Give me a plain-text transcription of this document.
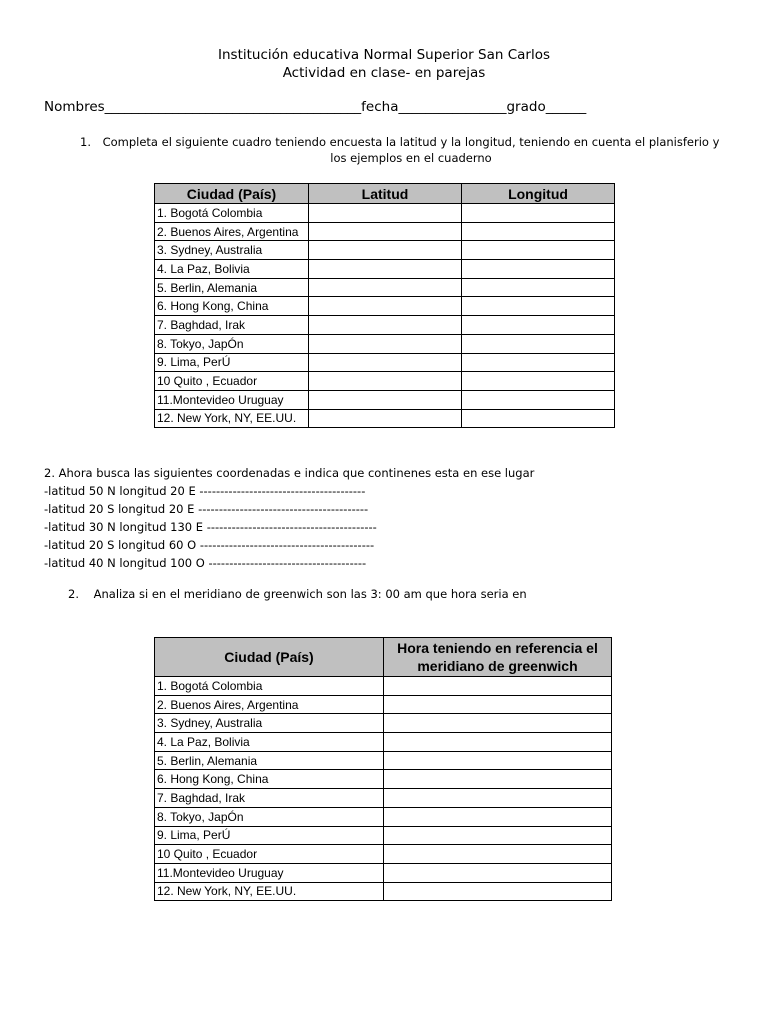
Institución educativa Normal Superior San Carlos
Actividad en clase- en parejas
Nombres______________________________________fecha________________grado______
1. Completa el siguiente cuadro teniendo encuesta la latitud y la longitud, teniendo en cuenta el planisferio y los ejemplos en el cuaderno
Ciudad (País)	Latitud	Longitud
1. Bogotá Colombia		
2. Buenos Aires, Argentina		
3. Sydney, Australia		
4. La Paz, Bolivia		
5. Berlin, Alemania		
6. Hong Kong, China		
7. Baghdad, Irak		
8. Tokyo, JapÓn		
9. Lima, PerÚ		
10 Quito , Ecuador		
11.Montevideo Uruguay		
12. New York, NY, EE.UU.		
2. Ahora busca las siguientes coordenadas e indica que continenes esta en ese lugar
-latitud 50 N longitud 20 E ----------------------------------------
-latitud 20 S longitud 20 E -----------------------------------------
-latitud 30 N longitud 130 E -----------------------------------------
-latitud 20 S longitud 60 O ------------------------------------------
-latitud 40 N longitud 100 O --------------------------------------
2. Analiza si en el meridiano de greenwich son las 3: 00 am que hora seria en
Ciudad (País)	Hora teniendo en referencia el meridiano de greenwich
1. Bogotá Colombia	
2. Buenos Aires, Argentina	
3. Sydney, Australia	
4. La Paz, Bolivia	
5. Berlin, Alemania	
6. Hong Kong, China	
7. Baghdad, Irak	
8. Tokyo, JapÓn	
9. Lima, PerÚ	
10 Quito , Ecuador	
11.Montevideo Uruguay	
12. New York, NY, EE.UU.	
